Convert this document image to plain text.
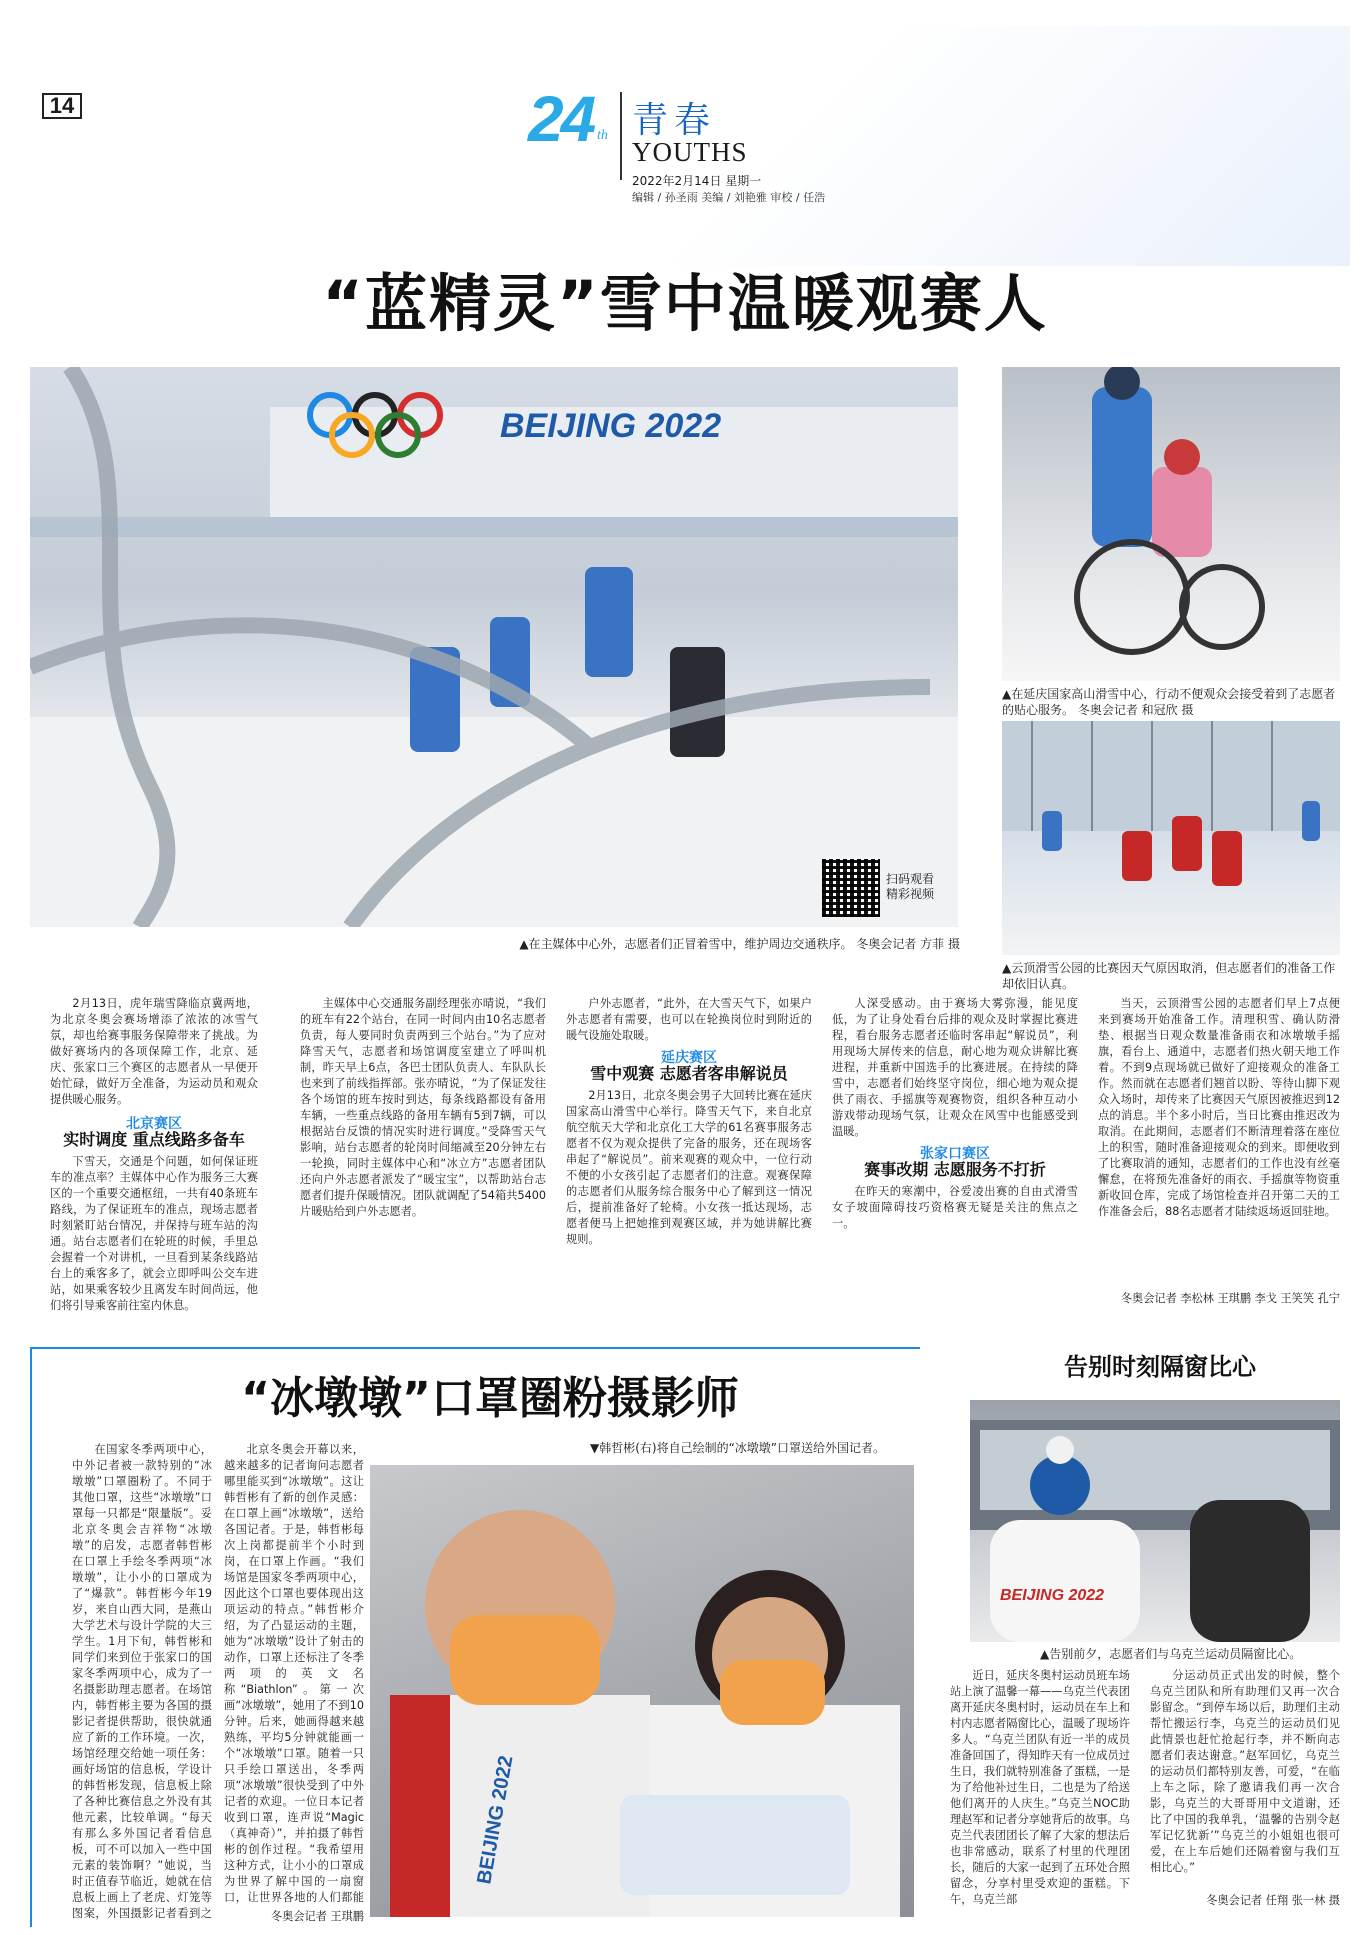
14	24 th 青春
YOUTHS
2022年2月14日 星期一
编辑 / 孙圣雨 美编 / 刘艳雅 审校 / 任浩
“蓝精灵”雪中温暖观赛人
BEIJING 2022
扫码观看
精彩视频
▲在主媒体中心外，志愿者们正冒着雪中，维护周边交通秩序。 冬奥会记者 方菲 摄
▲在延庆国家高山滑雪中心，行动不便观众会接受着到了志愿者的贴心服务。 冬奥会记者 和冠欣 摄
▲云顶滑雪公园的比赛因天气原因取消，但志愿者们的准备工作却依旧认真。

2月13日，虎年瑞雪降临京冀两地，为北京冬奥会赛场增添了浓浓的冰雪气氛，却也给赛事服务保障带来了挑战。为做好赛场内的各项保障工作，北京、延庆、张家口三个赛区的志愿者从一早便开始忙碌，做好万全准备，为运动员和观众提供暖心服务。

北京赛区
实时调度 重点线路多备车

下雪天，交通是个问题，如何保证班车的准点率？主媒体中心作为服务三大赛区的一个重要交通枢纽，一共有40条班车路线，为了保证班车的准点，现场志愿者时刻紧盯站台情况，并保持与班车站的沟通。站台志愿者们在轮班的时候，手里总会握着一个对讲机，一旦看到某条线路站台上的乘客多了，就会立即呼叫公交车进站，如果乘客较少且离发车时间尚远，他们将引导乘客前往室内休息。

主媒体中心交通服务副经理张亦晴说，“我们的班车有22个站台，在同一时间内由10名志愿者负责，每人要同时负责两到三个站台。”为了应对降雪天气，志愿者和场馆调度室建立了呼叫机制，昨天早上6点，各巴士团队负责人、车队队长也来到了前线指挥部。张亦晴说，“为了保证发往各个场馆的班车按时到达，每条线路都设有备用车辆，一些重点线路的备用车辆有5到7辆，可以根据站台反馈的情况实时进行调度。”受降雪天气影响，站台志愿者的轮岗时间缩减至20分钟左右一轮换，同时主媒体中心和“冰立方”志愿者团队还向户外志愿者派发了“暖宝宝”，以帮助站台志愿者们提升保暖情况。团队就调配了54箱共5400片暖贴给到户外志愿者。

户外志愿者，“此外，在大雪天气下，如果户外志愿者有需要，也可以在轮换岗位时到附近的暖气设施处取暖。

延庆赛区
雪中观赛 志愿者客串解说员

2月13日，北京冬奥会男子大回转比赛在延庆国家高山滑雪中心举行。降雪天气下，来自北京航空航天大学和北京化工大学的61名赛事服务志愿者不仅为观众提供了完备的服务，还在现场客串起了“解说员”。前来观赛的观众中，一位行动不便的小女孩引起了志愿者们的注意。观赛保障的志愿者们从服务综合服务中心了解到这一情况后，提前准备好了轮椅。小女孩一抵达现场，志愿者便马上把她推到观赛区域，并为她讲解比赛规则。

人深受感动。由于赛场大雾弥漫，能见度低，为了让身处看台后排的观众及时掌握比赛进程，看台服务志愿者还临时客串起“解说员”，利用现场大屏传来的信息，耐心地为观众讲解比赛进程，并重新中国选手的比赛进展。在持续的降雪中，志愿者们始终坚守岗位，细心地为观众提供了雨衣、手摇旗等观赛物资，组织各种互动小游戏带动现场气氛，让观众在风雪中也能感受到温暖。

张家口赛区
赛事改期 志愿服务不打折

在昨天的寒潮中，谷爱凌出赛的自由式滑雪女子坡面障碍技巧资格赛无疑是关注的焦点之一。

当天，云顶滑雪公园的志愿者们早上7点便来到赛场开始准备工作。清理积雪、确认防滑垫、根据当日观众数量准备雨衣和冰墩墩手摇旗，看台上、通道中，志愿者们热火朝天地工作着。不到9点现场就已做好了迎接观众的准备工作。然而就在志愿者们翘首以盼、等待山脚下观众入场时，却传来了比赛因天气原因被推迟到12点的消息。半个多小时后，当日比赛由推迟改为取消。在此期间，志愿者们不断清理着落在座位上的积雪，随时准备迎接观众的到来。即便收到了比赛取消的通知，志愿者们的工作也没有丝毫懈怠，在将预先准备好的雨衣、手摇旗等物资重新收回仓库，完成了场馆检查并召开第二天的工作准备会后，88名志愿者才陆续返场返回驻地。

冬奥会记者 李松林 王琪鹏 李戈 王笑笑 孔宁
“冰墩墩”口罩圈粉摄影师
▼韩哲彬(右)将自己绘制的“冰墩墩”口罩送给外国记者。

在国家冬季两项中心，中外记者被一款特别的“冰墩墩”口罩圈粉了。不同于其他口罩，这些“冰墩墩”口罩每一只都是“限量版”。妥北京冬奥会吉祥物“冰墩墩”的启发，志愿者韩哲彬在口罩上手绘冬季两项“冰墩墩”，让小小的口罩成为了“爆款”。韩哲彬今年19岁，来自山西大同，是燕山大学艺术与设计学院的大三学生。1月下旬，韩哲彬和同学们来到位于张家口的国家冬季两项中心，成为了一名摄影助理志愿者。在场馆内，韩哲彬主要为各国的摄影记者提供帮助，很快就通应了新的工作环境。一次，场馆经理交给她一项任务：画好场馆的信息板，学设计的韩哲彬发现，信息板上除了各种比赛信息之外没有其他元素，比较单调。“每天有那么多外国记者看信息板，可不可以加入一些中国元素的装饰啊？”她说，当时正值春节临近，她就在信息板上画上了老虎、灯笼等图案，外国摄影记者看到之

北京冬奥会开幕以来，越来越多的记者询问志愿者哪里能买到“冰墩墩”。这让韩哲彬有了新的创作灵感：在口罩上画“冰墩墩”，送给各国记者。于是，韩哲彬每次上岗都提前半个小时到岗，在口罩上作画。“我们场馆是国家冬季两项中心，因此这个口罩也要体现出这项运动的特点。”韩哲彬介绍，为了凸显运动的主题，她为“冰墩墩”设计了射击的动作，口罩上还标注了冬季两项的英文名称“Biathlon”。第一次画“冰墩墩”，她用了不到10分钟。后来，她画得越来越熟练，平均5分钟就能画一个“冰墩墩”口罩。随着一只只手绘口罩送出，冬季两项“冰墩墩”很快受到了中外记者的欢迎。一位日本记者收到口罩，连声说“Magic（真神奇）”，并拍摄了韩哲彬的创作过程。“我希望用这种方式，让小小的口罩成为世界了解中国的一扇窗口，让世界各地的人们都能

冬奥会记者 王琪鹏
BEIJING 2022
告别时刻隔窗比心
BEIJING 2022
▲告别前夕，志愿者们与乌克兰运动员隔窗比心。

近日，延庆冬奥村运动员班车场站上演了温馨一幕——乌克兰代表团离开延庆冬奥村时，运动员在车上和村内志愿者隔窗比心，温暖了现场许多人。“乌克兰团队有近一半的成员准备回国了，得知昨天有一位成员过生日，我们就特别准备了蛋糕，一是为了给他补过生日，二也是为了给送他们离开的人庆生。”乌克兰NOC助理赵军和记者分享她背后的故事。乌克兰代表团团长了解了大家的想法后也非常感动，联系了村里的代理团长，随后的大家一起到了五环处合照留念，分享村里受欢迎的蛋糕。下午，乌克兰部

分运动员正式出发的时候，整个乌克兰团队和所有助理们又再一次合影留念。“到停车场以后，助理们主动帮忙搬运行李，乌克兰的运动员们见此情景也赶忙抢起行李，并不断向志愿者们表达谢意。”赵军回忆，乌克兰的运动员们都特别友善，可爱，“在临上车之际，除了邀请我们再一次合影，乌克兰的大哥哥用中文道谢，还比了中国的我单乳，‘温馨的告别令赵军记忆犹新’”乌克兰的小姐姐也很可爱，在上车后她们还隔着窗与我们互相比心。”

冬奥会记者 任翔 张一林 摄
